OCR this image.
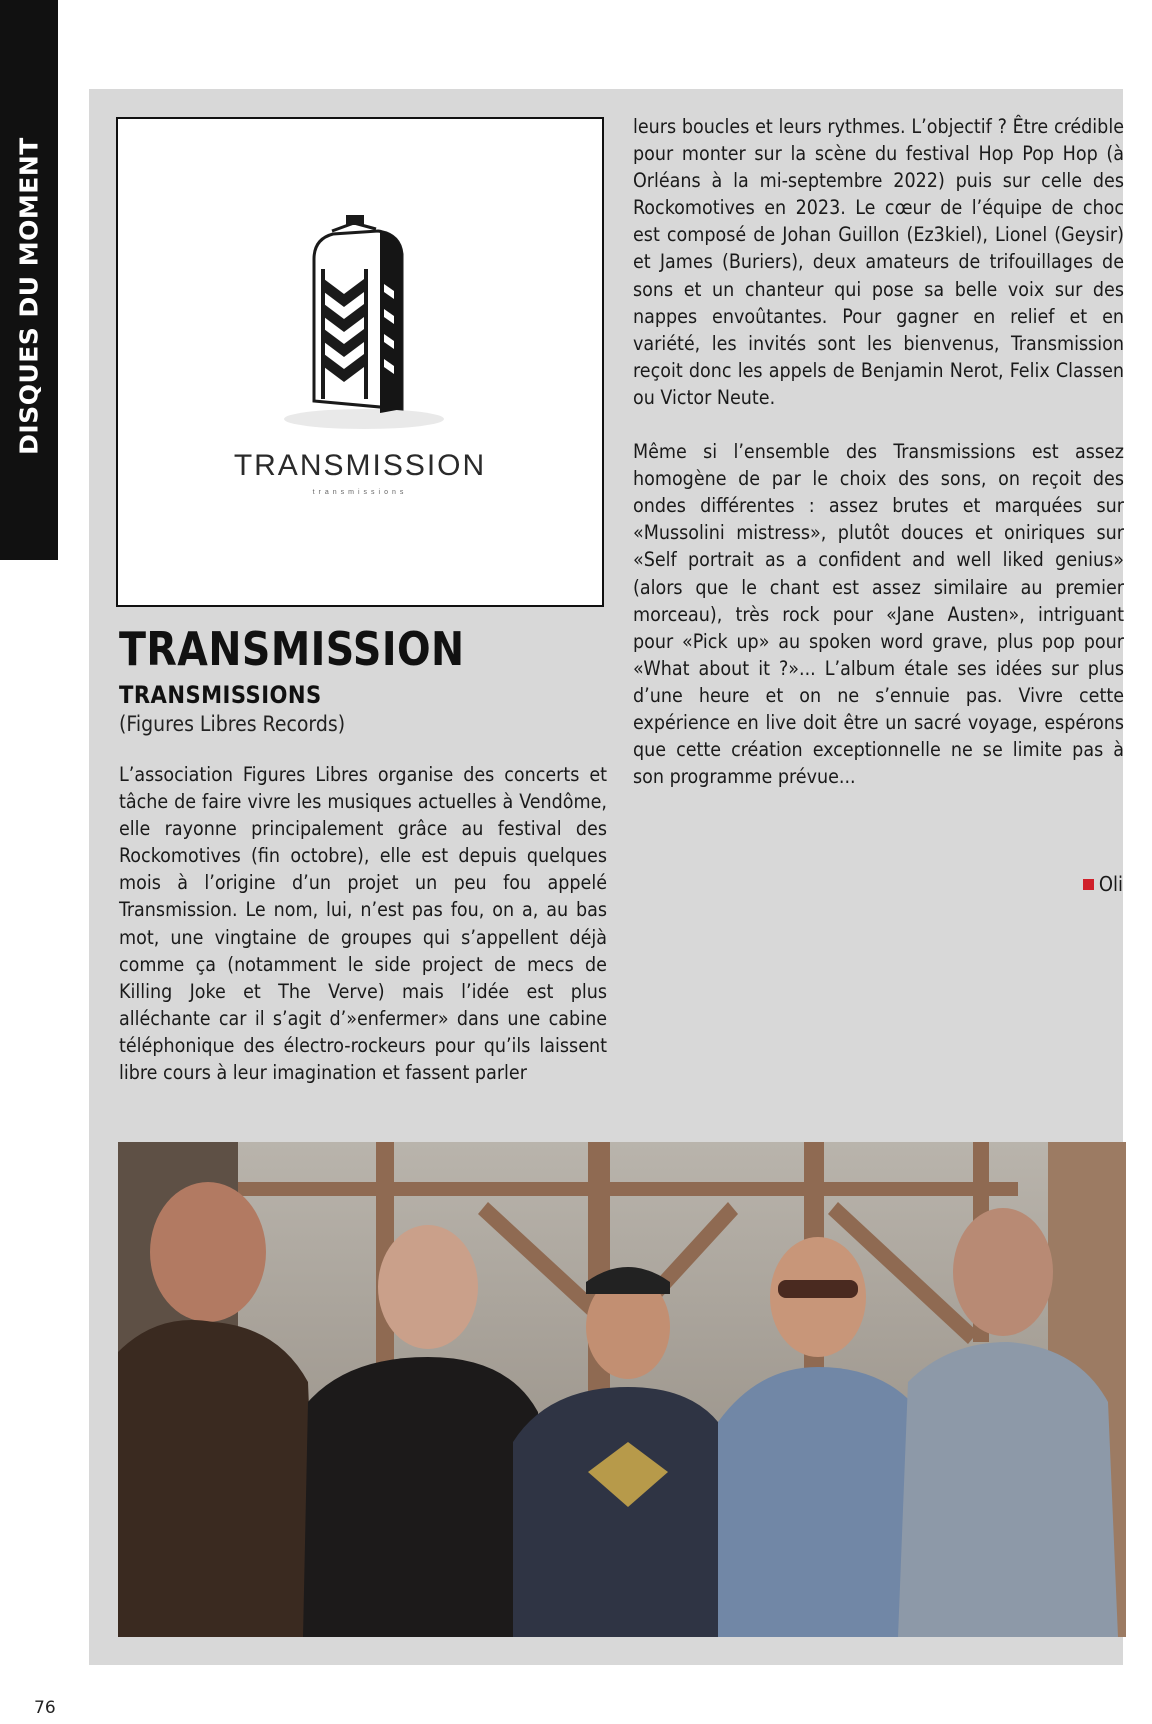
DISQUES DU MOMENT
TRANSMISSION
transmissions
TRANSMISSION
TRANSMISSIONS
(Figures Libres Records)

L’association Figures Libres organise des concerts et tâche de faire vivre les musiques actuelles à Vendôme, elle rayonne principalement grâce au festival des Rockomotives (fin octobre), elle est depuis quelques mois à l’origine d’un projet un peu fou appelé Transmission. Le nom, lui, n’est pas fou, on a, au bas mot, une vingtaine de groupes qui s’appellent déjà comme ça (notamment le side project de mecs de Killing Joke et The Verve) mais l’idée est plus alléchante car il s’agit d’»enfermer» dans une cabine téléphonique des électro-rockeurs pour qu’ils laissent libre cours à leur imagination et fassent parler

leurs boucles et leurs rythmes. L’objectif ? Être crédible pour monter sur la scène du festival Hop Pop Hop (à Orléans à la mi-septembre 2022) puis sur celle des Rockomotives en 2023. Le cœur de l’équipe de choc est composé de Johan Guillon (Ez3kiel), Lionel (Geysir) et James (Buriers), deux amateurs de trifouillages de sons et un chanteur qui pose sa belle voix sur des nappes envoûtantes. Pour gagner en relief et en variété, les invités sont les bienvenus, Transmission reçoit donc les appels de Benjamin Nerot, Felix Classen ou Victor Neute.

Même si l’ensemble des Transmissions est assez homogène de par le choix des sons, on reçoit des ondes différentes : assez brutes et marquées sur «Mussolini mistress», plutôt douces et oniriques sur «Self portrait as a confident and well liked genius» (alors que le chant est assez similaire au premier morceau), très rock pour «Jane Austen», intriguant pour «Pick up» au spoken word grave, plus pop pour «What about it ?»... L’album étale ses idées sur plus d’une heure et on ne s’ennuie pas. Vivre cette expérience en live doit être un sacré voyage, espérons que cette création exceptionnelle ne se limite pas à son programme prévue...

Oli
76
